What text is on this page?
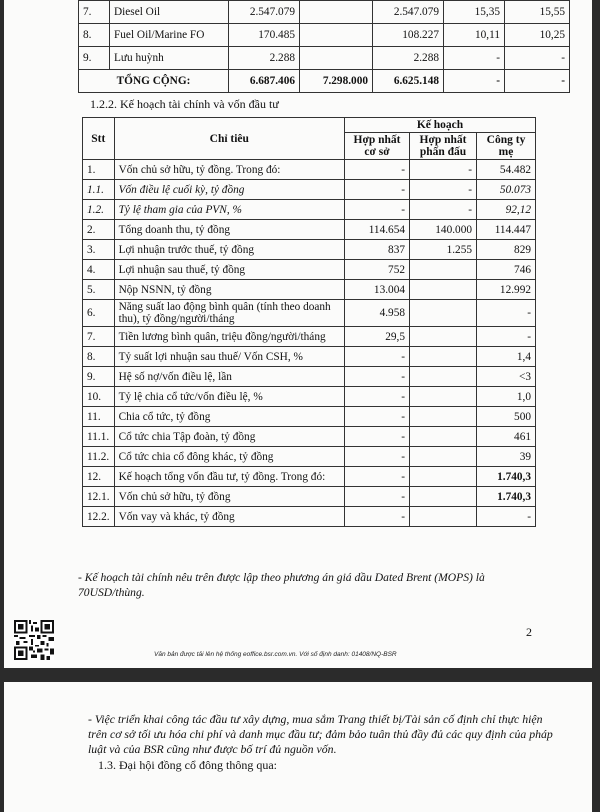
7.	Diesel Oil	2.547.079		2.547.079	15,35	15,55
8.	Fuel Oil/Marine FO	170.485		108.227	10,11	10,25
9.	Lưu huỳnh	2.288		2.288	-	-
TỔNG CỘNG:		6.687.406	7.298.000	6.625.148	-	-
1.2.2. Kế hoạch tài chính và vốn đầu tư
Stt	Chỉ tiêu	Kế hoạch		
		Hợp nhất cơ sở	Hợp nhất phấn đấu	Công ty mẹ
1.	Vốn chủ sở hữu, tỷ đồng. Trong đó:	-	-	54.482
1.1.	Vốn điều lệ cuối kỳ, tỷ đồng	-	-	50.073
1.2.	Tỷ lệ tham gia của PVN, %	-	-	92,12
2.	Tổng doanh thu, tỷ đồng	114.654	140.000	114.447
3.	Lợi nhuận trước thuế, tỷ đồng	837	1.255	829
4.	Lợi nhuận sau thuế, tỷ đồng	752		746
5.	Nộp NSNN, tỷ đồng	13.004		12.992
6.	Năng suất lao động bình quân (tính theo doanh thu), tỷ đồng/người/tháng	4.958		-
7.	Tiền lương bình quân, triệu đồng/người/tháng	29,5		-
8.	Tỷ suất lợi nhuận sau thuế/ Vốn CSH, %	-		1,4
9.	Hệ số nợ/vốn điều lệ, lần	-		<3
10.	Tỷ lệ chia cổ tức/vốn điều lệ, %	-		1,0
11.	Chia cổ tức, tỷ đồng	-		500
11.1.	Cổ tức chia Tập đoàn, tỷ đồng	-		461
11.2.	Cổ tức chia cổ đông khác, tỷ đồng	-		39
12.	Kế hoạch tổng vốn đầu tư, tỷ đồng. Trong đó:	-		1.740,3
12.1.	Vốn chủ sở hữu, tỷ đồng	-		1.740,3
12.2.	Vốn vay và khác, tỷ đồng	-		-
- Kế hoạch tài chính nêu trên được lập theo phương án giá dầu Dated Brent (MOPS) là 70USD/thùng.
2
Văn bản được tải lên hệ thống eoffice.bsr.com.vn. Với số định danh: 01408/NQ-BSR
- Việc triển khai công tác đầu tư xây dựng, mua sắm Trang thiết bị/Tài sản cố định chỉ thực hiện trên cơ sở tối ưu hóa chi phí và danh mục đầu tư; đảm bảo tuân thủ đầy đủ các quy định của pháp luật và của BSR cũng như được bố trí đủ nguồn vốn.
1.3. Đại hội đồng cổ đông thông qua:
